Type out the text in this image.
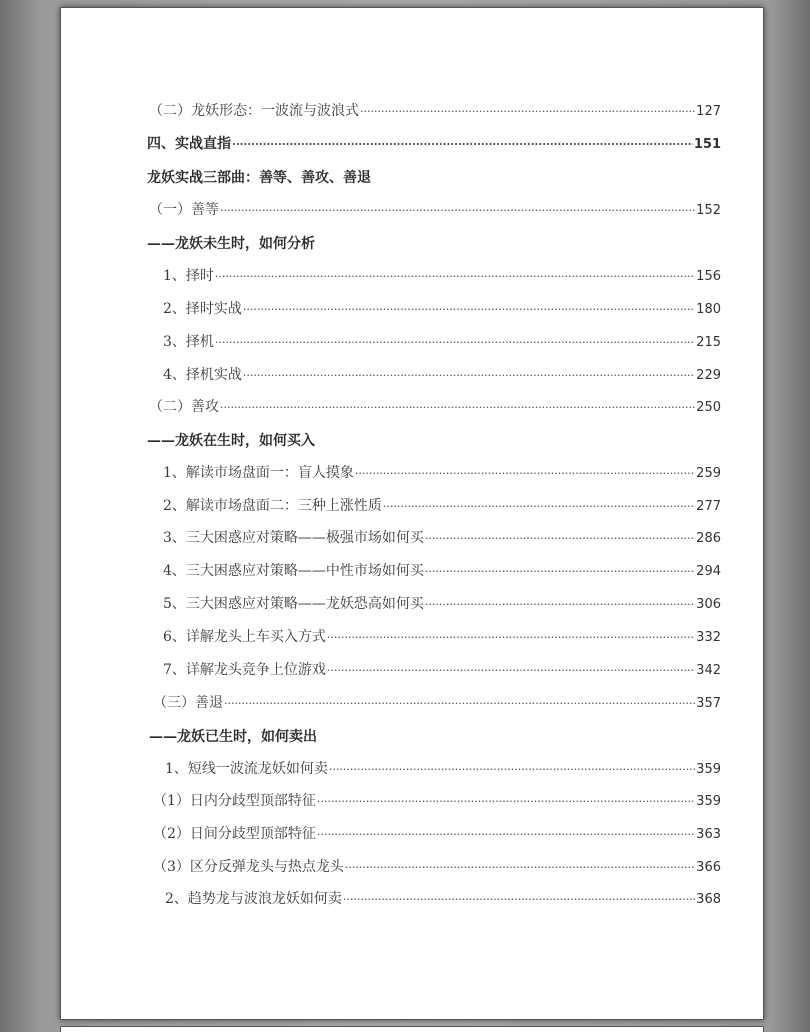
（二）龙妖形态：一波流与波浪式 ·····	127
四、实战直指 ·····	151
龙妖实战三部曲：善等、善攻、善退
（一）善等 ·····	152
——龙妖未生时，如何分析
1、择时 ·····	156
2、择时实战 ·····	180
3、择机 ·····	215
4、择机实战 ·····	229
（二）善攻 ·····	250
——龙妖在生时，如何买入
1、解读市场盘面一：盲人摸象 ·····	259
2、解读市场盘面二：三种上涨性质 ·····	277
3、三大困惑应对策略——极强市场如何买 ·····	286
4、三大困惑应对策略——中性市场如何买 ·····	294
5、三大困惑应对策略——龙妖恐高如何买 ·····	306
6、详解龙头上车买入方式 ·····	332
7、详解龙头竞争上位游戏 ·····	342
（三）善退 ·····	357
——龙妖已生时，如何卖出
1、短线一波流龙妖如何卖 ·····	359
（1）日内分歧型顶部特征 ·····	359
（2）日间分歧型顶部特征 ·····	363
（3）区分反弹龙头与热点龙头 ·····	366
2、趋势龙与波浪龙妖如何卖 ·····	368
